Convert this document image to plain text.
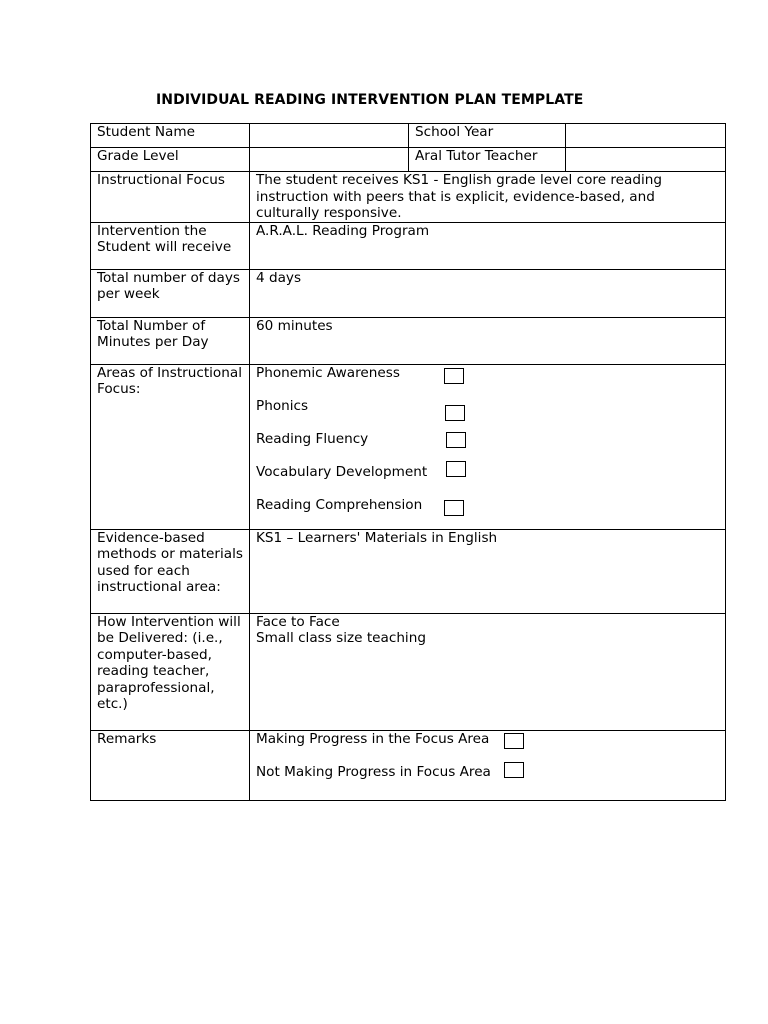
INDIVIDUAL READING INTERVENTION PLAN TEMPLATE
Student Name		School Year	
Grade Level		Aral Tutor Teacher	
Instructional Focus	The student receives KS1 - English grade level core reading instruction with peers that is explicit, evidence-based, and culturally responsive.		
Intervention the Student will receive	A.R.A.L. Reading Program		
Total number of days per week	4 days		
Total Number of Minutes per Day	60 minutes		
Areas of Instructional Focus:	Phonemic Awareness
Phonics
Reading Fluency
Vocabulary Development
Reading Comprehension		

Evidence-based methods or materials used for each instructional area:	KS1 – Learners' Materials in English		
How Intervention will be Delivered: (i.e., computer-based, reading teacher, paraprofessional, etc.)	Face to Face
Small class size teaching		

Remarks	Making Progress in the Focus Area
Not Making Progress in Focus Area		
